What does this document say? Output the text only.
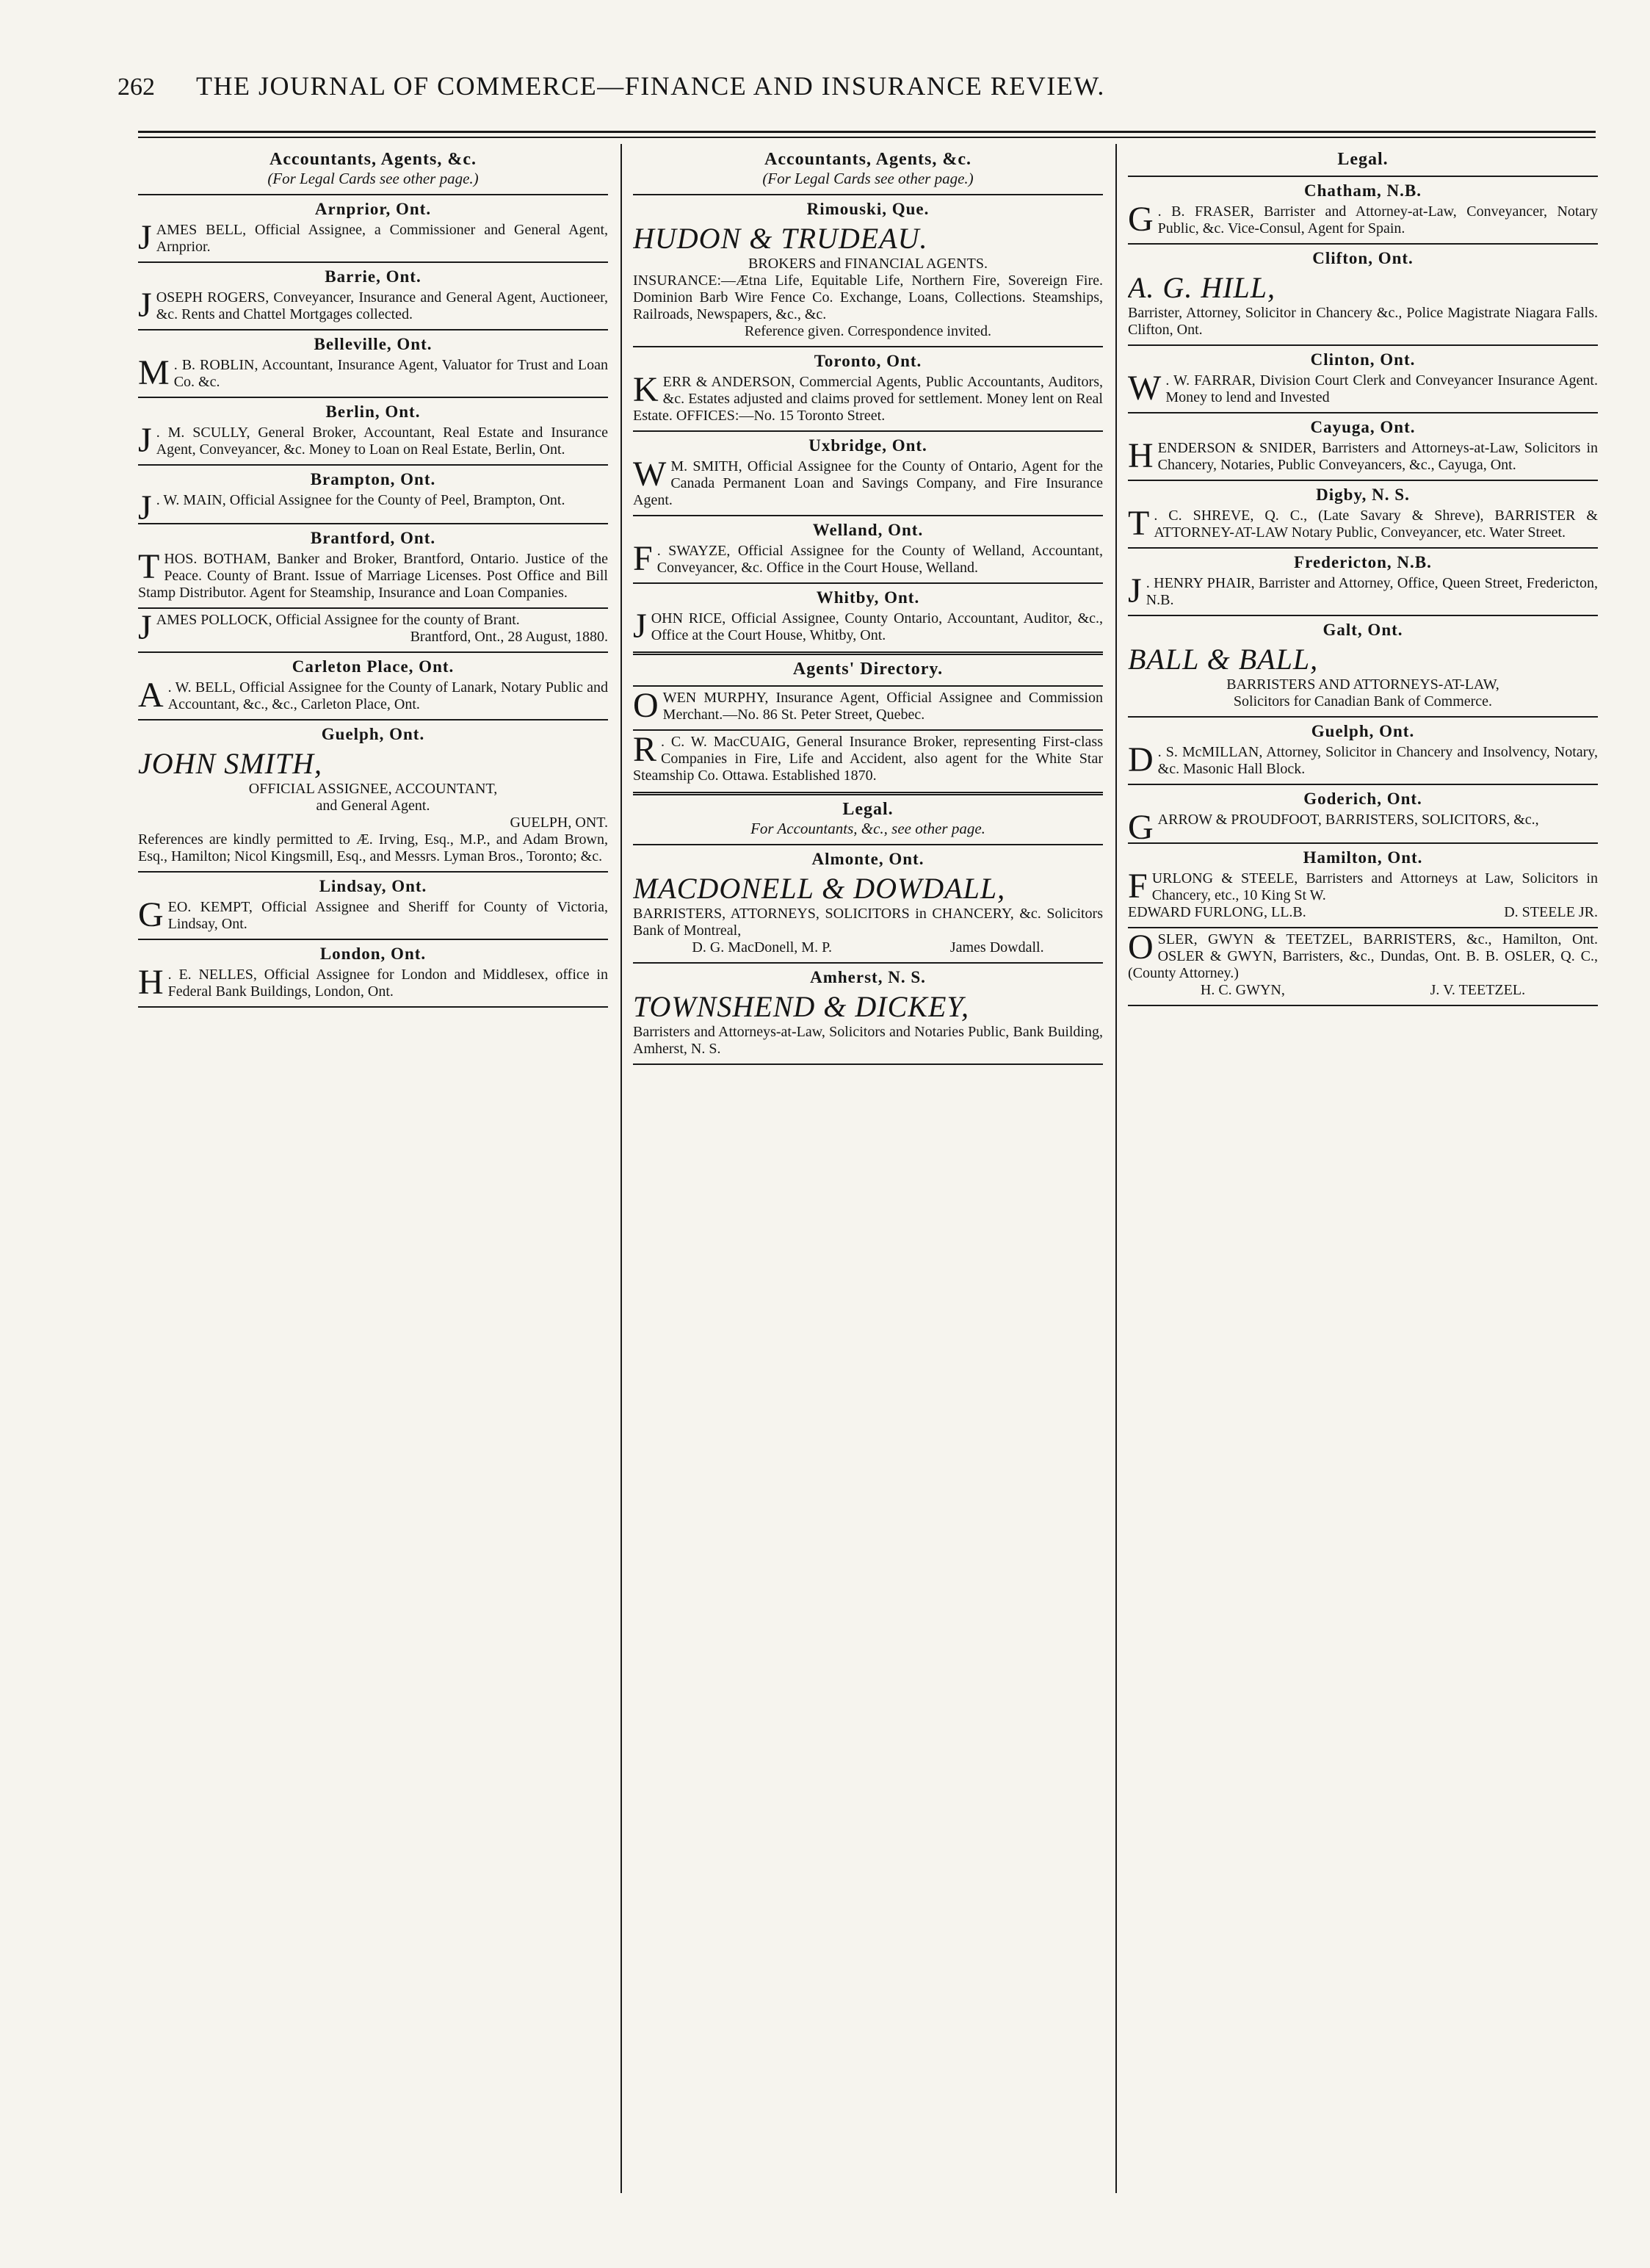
262 THE JOURNAL OF COMMERCE—FINANCE AND INSURANCE REVIEW.
Accountants, Agents, &c.
(For Legal Cards see other page.)
Arnprior, Ont.
JAMES BELL, Official Assignee, a Commissioner and General Agent, Arnprior.
Barrie, Ont.
JOSEPH ROGERS, Conveyancer, Insurance and General Agent, Auctioneer, &c. Rents and Chattel Mortgages collected.
Belleville, Ont.
M . B. ROBLIN, Accountant, Insurance Agent, Valuator for Trust and Loan Co. &c.
Berlin, Ont.
J . M. SCULLY, General Broker, Accountant, Real Estate and Insurance Agent, Conveyancer, &c. Money to Loan on Real Estate, Berlin, Ont.
Brampton, Ont.
J . W. MAIN, Official Assignee for the County of Peel, Brampton, Ont.
Brantford, Ont.
THOS. BOTHAM, Banker and Broker, Brantford, Ontario. Justice of the Peace. County of Brant. Issue of Marriage Licenses. Post Office and Bill Stamp Distributor. Agent for Steamship, Insurance and Loan Companies.
JAMES POLLOCK, Official Assignee for the county of Brant.
Brantford, Ont., 28 August, 1880.
Carleton Place, Ont.
A . W. BELL, Official Assignee for the County of Lanark, Notary Public and Accountant, &c., &c., Carleton Place, Ont.
Guelph, Ont.
JOHN SMITH,
OFFICIAL ASSIGNEE, ACCOUNTANT,
and General Agent.
GUELPH, ONT.
References are kindly permitted to Æ. Irving, Esq., M.P., and Adam Brown, Esq., Hamilton; Nicol Kingsmill, Esq., and Messrs. Lyman Bros., Toronto; &c.
Lindsay, Ont.
GEO. KEMPT, Official Assignee and Sheriff for County of Victoria, Lindsay, Ont.
London, Ont.
H . E. NELLES, Official Assignee for London and Middlesex, office in Federal Bank Buildings, London, Ont.
Accountants, Agents, &c.
(For Legal Cards see other page.)
Rimouski, Que.
HUDON & TRUDEAU.
BROKERS and FINANCIAL AGENTS.
INSURANCE:—Ætna Life, Equitable Life, Northern Fire, Sovereign Fire. Dominion Barb Wire Fence Co. Exchange, Loans, Collections. Steamships, Railroads, Newspapers, &c., &c.
Reference given. Correspondence invited.
Toronto, Ont.
KERR & ANDERSON, Commercial Agents, Public Accountants, Auditors, &c. Estates adjusted and claims proved for settlement. Money lent on Real Estate. OFFICES:—No. 15 Toronto Street.
Uxbridge, Ont.
W M. SMITH, Official Assignee for the County of Ontario, Agent for the Canada Permanent Loan and Savings Company, and Fire Insurance Agent.
Welland, Ont.
F . SWAYZE, Official Assignee for the County of Welland, Accountant, Conveyancer, &c. Office in the Court House, Welland.
Whitby, Ont.
JOHN RICE, Official Assignee, County Ontario, Accountant, Auditor, &c., Office at the Court House, Whitby, Ont.
Agents' Directory.
OWEN MURPHY, Insurance Agent, Official Assignee and Commission Merchant.—No. 86 St. Peter Street, Quebec.
R . C. W. MacCUAIG, General Insurance Broker, representing First-class Companies in Fire, Life and Accident, also agent for the White Star Steamship Co. Ottawa. Established 1870.
Legal.
For Accountants, &c., see other page.
Almonte, Ont.
MACDONELL & DOWDALL,
BARRISTERS, ATTORNEYS, SOLICITORS in CHANCERY, &c. Solicitors Bank of Montreal,
D. G. MacDonell, M. P.	James Dowdall.
Amherst, N. S.
TOWNSHEND & DICKEY,
Barristers and Attorneys-at-Law, Solicitors and Notaries Public, Bank Building, Amherst, N. S.
Legal.
Chatham, N.B.
G . B. FRASER, Barrister and Attorney-at-Law, Conveyancer, Notary Public, &c. Vice-Consul, Agent for Spain.
Clifton, Ont.
A. G. HILL,
Barrister, Attorney, Solicitor in Chancery &c., Police Magistrate Niagara Falls. Clifton, Ont.
Clinton, Ont.
W . W. FARRAR, Division Court Clerk and Conveyancer Insurance Agent. Money to lend and Invested
Cayuga, Ont.
HENDERSON & SNIDER, Barristers and Attorneys-at-Law, Solicitors in Chancery, Notaries, Public Conveyancers, &c., Cayuga, Ont.
Digby, N. S.
T . C. SHREVE, Q. C., (Late Savary & Shreve), BARRISTER & ATTORNEY-AT-LAW Notary Public, Conveyancer, etc. Water Street.
Fredericton, N.B.
J . HENRY PHAIR, Barrister and Attorney, Office, Queen Street, Fredericton, N.B.
Galt, Ont.
BALL & BALL,
BARRISTERS AND ATTORNEYS-AT-LAW,
Solicitors for Canadian Bank of Commerce.
Guelph, Ont.
D . S. McMILLAN, Attorney, Solicitor in Chancery and Insolvency, Notary, &c. Masonic Hall Block.
Goderich, Ont.
GARROW & PROUDFOOT, BARRISTERS, SOLICITORS, &c.,
Hamilton, Ont.
FURLONG & STEELE, Barristers and Attorneys at Law, Solicitors in Chancery, etc., 10 King St W.
EDWARD FURLONG, LL.B.	D. STEELE JR.
OSLER, GWYN & TEETZEL, BARRISTERS, &c., Hamilton, Ont. OSLER & GWYN, Barristers, &c., Dundas, Ont. B. B. OSLER, Q. C., (County Attorney.)
H. C. GWYN,	J. V. TEETZEL.
